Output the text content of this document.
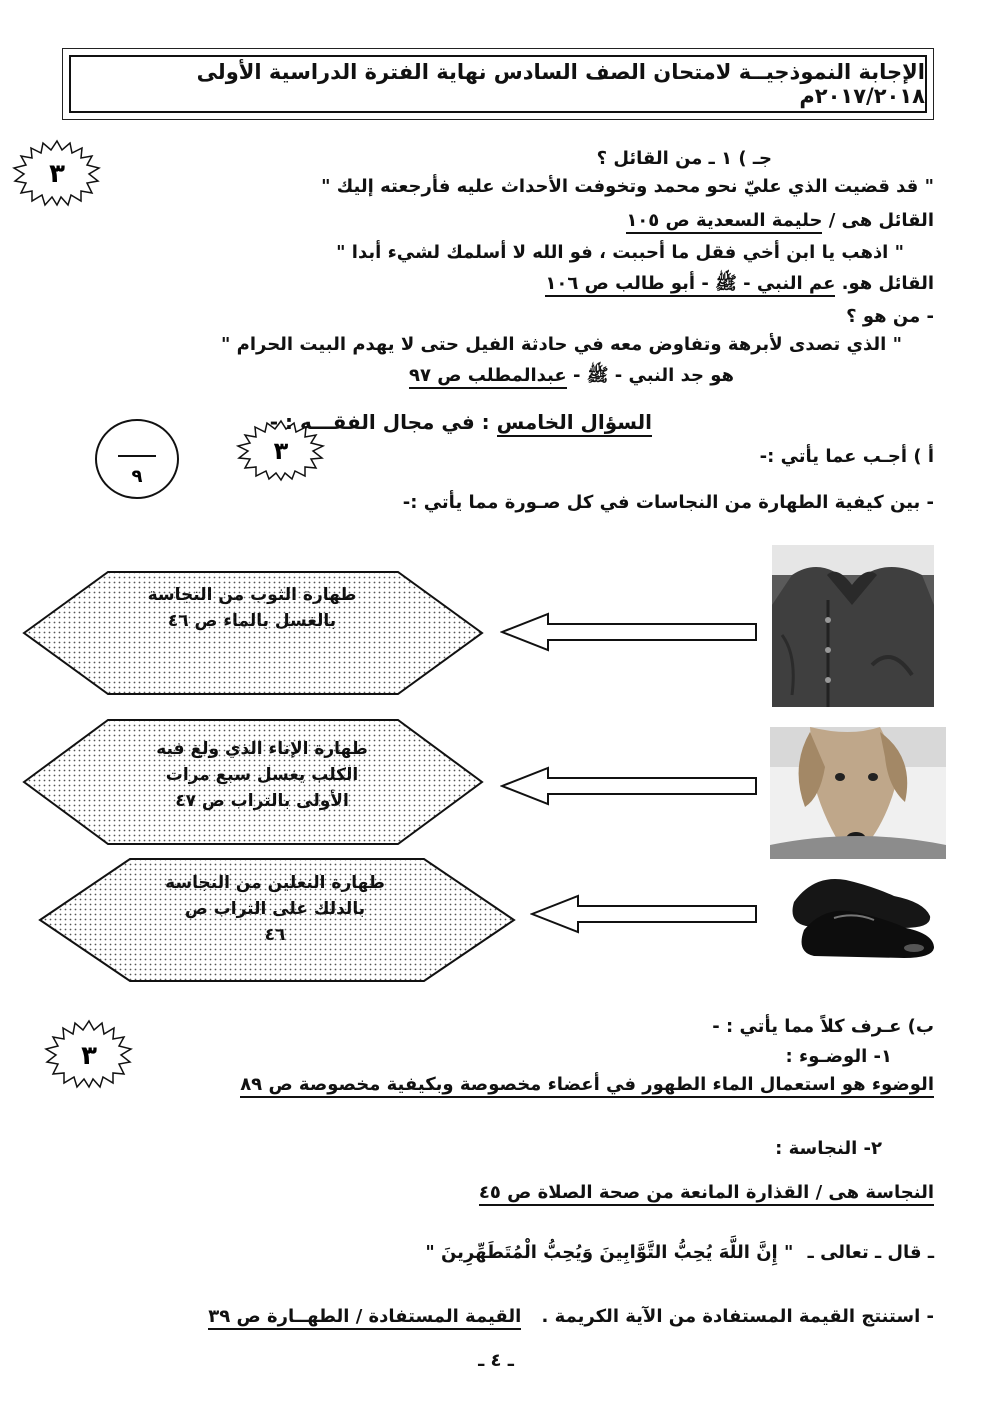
الإجابة النموذجيــة لامتحان الصف السادس نهاية الفترة الدراسية الأولى ٢٠١٧/٢٠١٨م
٣
جـ ) ١ ـ من القائل ؟
" قد قضيت الذي عليّ نحو محمد وتخوفت الأحداث عليه فأرجعته إليك "
القائل هى / حليمة السعدية ص ١٠٥
" اذهب يا ابن أخي فقل ما أحببت ، فو الله لا أسلمك لشيء أبدا "
القائل هو. عم النبي - ﷺ - أبو طالب ص ١٠٦
- من هو ؟
" الذي تصدى لأبرهة وتفاوض معه في حادثة الفيل حتى لا يهدم البيت الحرام "
هو جد النبي - ﷺ - عبدالمطلب ص ٩٧
٩
٣
السؤال الخامس : في مجال الفقـــه : -
أ ) أجـب عما يأتي :-
- بين كيفية الطهارة من النجاسات في كل صـورة مما يأتي :-
طهارة الثوب من النجاسة
بالغسل بالماء ص ٤٦
طهارة الإناء الذي ولغ فيه
الكلب يغسل سبع مرات
الأولى بالتراب ص ٤٧
طهارة النعلين من النجاسة
بالدلك على التراب ص
٤٦
٣
ب) عـرف كلاً مما يأتي : -
١- الوضـوء :
الوضوء هو استعمال الماء الطهور في أعضاء مخصوصة وبكيفية مخصوصة ص ٨٩
٢- النجاسة :
النجاسة هى / القذارة المانعة من صحة الصلاة ص ٤٥
ـ قال ـ تعالى ـ " إِنَّ اللَّهَ يُحِبُّ التَّوَّابِينَ وَيُحِبُّ الْمُتَطَهِّرِينَ "
- استنتج القيمة المستفادة من الآية الكريمة . القيمة المستفادة / الطهــارة ص ٣٩
ـ ٤ ـ
